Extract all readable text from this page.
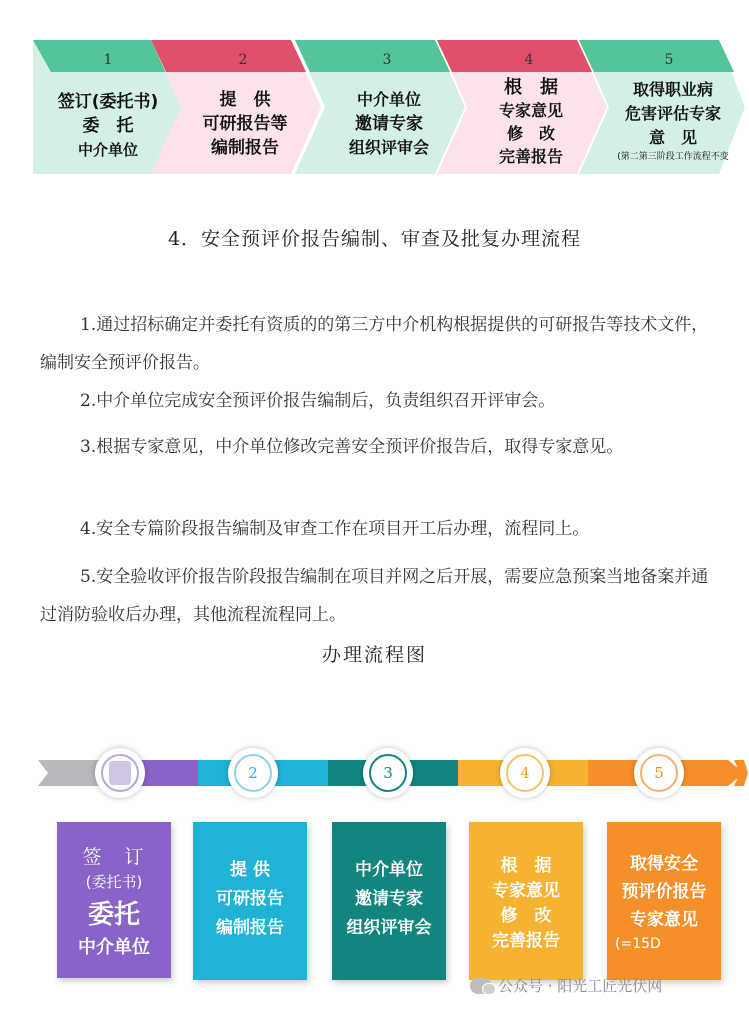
1
签订(委托书)
委　托
中介单位
2
提　供
可研报告等
编制报告
3
中介单位
邀请专家
组织评审会
4
根　据
专家意见
修　改
完善报告
5
取得职业病
危害评估专家
意　见
(第二第三阶段工作流程不变
4．安全预评价报告编制、审查及批复办理流程

1.通过招标确定并委托有资质的的第三方中介机构根据提供的可研报告等技术文件，编制安全预评价报告。

2.中介单位完成安全预评价报告编制后，负责组织召开评审会。

3.根据专家意见，中介单位修改完善安全预评价报告后，取得专家意见。

4.安全专篇阶段报告编制及审查工作在项目开工后办理，流程同上。

5.安全验收评价报告阶段报告编制在项目并网之后开展，需要应急预案当地备案并通过消防验收后办理，其他流程流程同上。

办理流程图
2	3	4	5
签　订
(委托书)
委托
中介单位
提 供
可研报告
编制报告
中介单位
邀请专家
组织评审会
根　据
专家意见
修　改
完善报告
取得安全
预评价报告
专家意见
(=15D
公众号 · 阳光工匠光伏网
